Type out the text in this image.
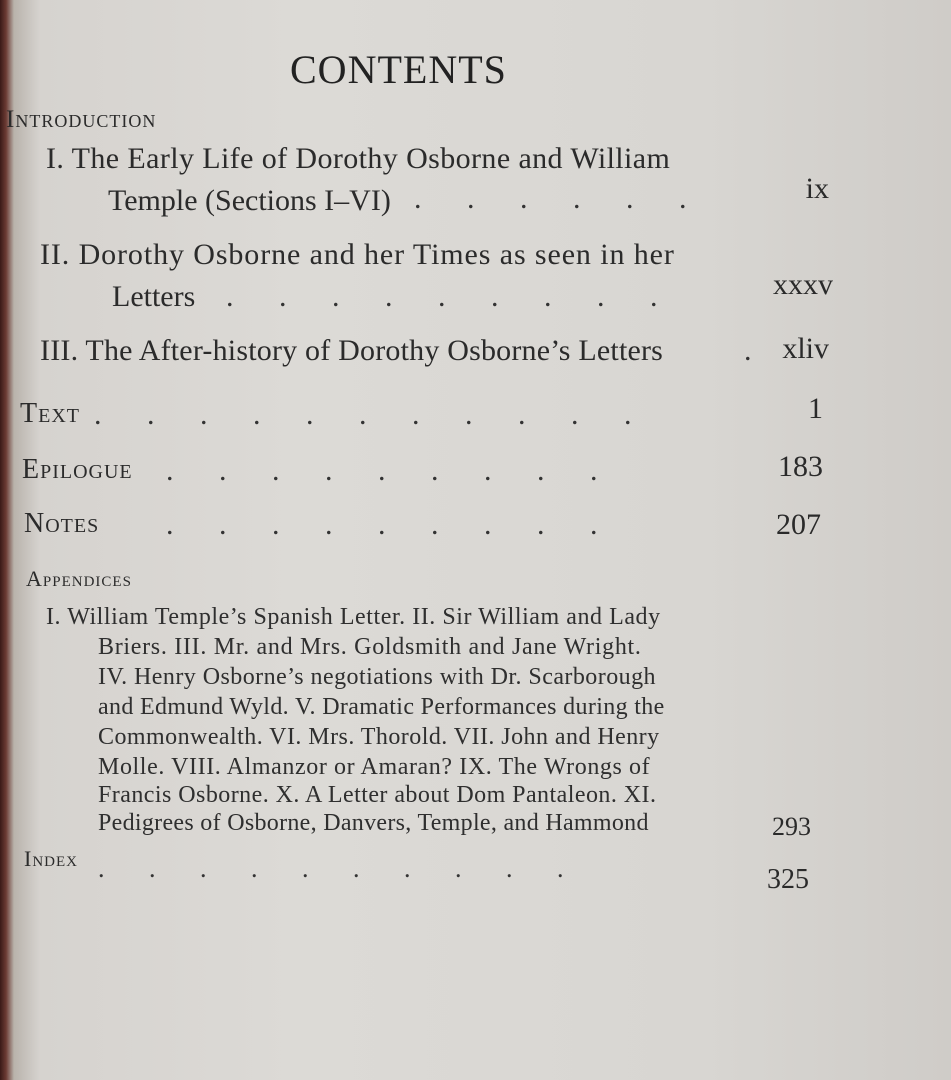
CONTENTS
Introduction
I. The Early Life of Dorothy Osborne and William
Temple (Sections I–VI) . . . . . .	ix
II. Dorothy Osborne and her Times as seen in her
Letters . . . . . . . . .	xxxv
III. The After-history of Dorothy Osborne’s Letters	. xliv
Text . . . . . . . . . . .	1
Epilogue . . . . . . . . .	183
Notes . . . . . . . . .	207
Appendices
I. William Temple’s Spanish Letter. II. Sir William and Lady
Briers. III. Mr. and Mrs. Goldsmith and Jane Wright.
IV. Henry Osborne’s negotiations with Dr. Scarborough
and Edmund Wyld. V. Dramatic Performances during the
Commonwealth. VI. Mrs. Thorold. VII. John and Henry
Molle. VIII. Almanzor or Amaran? IX. The Wrongs of
Francis Osborne. X. A Letter about Dom Pantaleon. XI.
Pedigrees of Osborne, Danvers, Temple, and Hammond	293
Index . . . . . . . . . .	325
